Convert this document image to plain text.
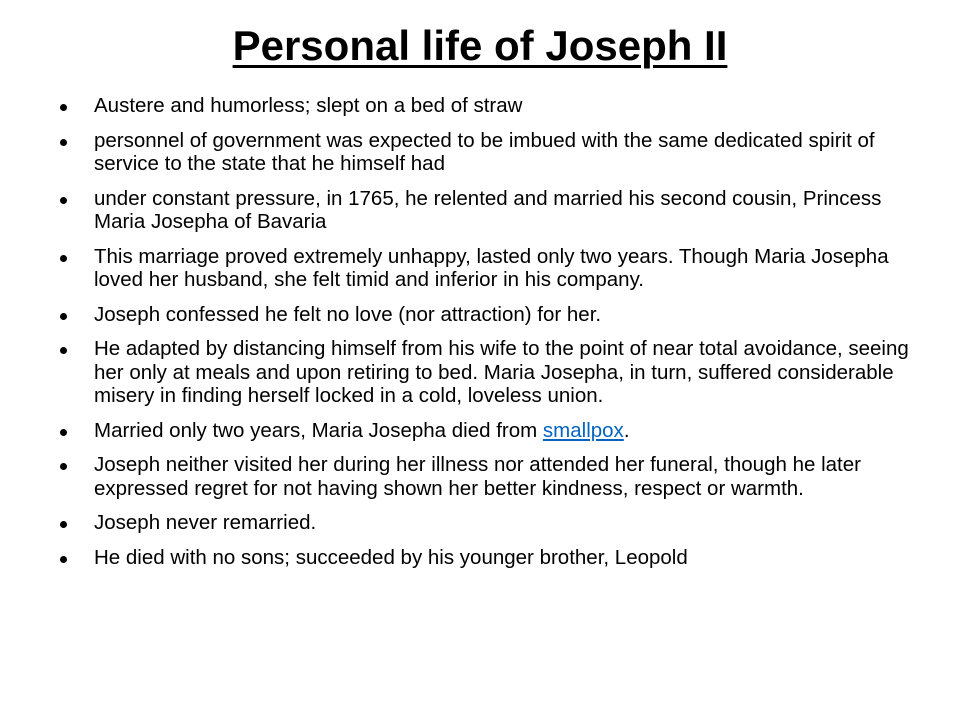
Personal life of Joseph II
Austere and humorless; slept on a bed of straw
personnel of government was expected to be imbued with the same dedicated spirit of service to the state that he himself had
under constant pressure, in 1765, he relented and married his second cousin, Princess Maria Josepha of Bavaria
This marriage proved extremely unhappy, lasted only two years. Though Maria Josepha loved her husband, she felt timid and inferior in his company.
Joseph confessed he felt no love (nor attraction) for her.
He adapted by distancing himself from his wife to the point of near total avoidance, seeing her only at meals and upon retiring to bed. Maria Josepha, in turn, suffered considerable misery in finding herself locked in a cold, loveless union.
Married only two years, Maria Josepha died from smallpox.
Joseph neither visited her during her illness nor attended her funeral, though he later expressed regret for not having shown her better kindness, respect or warmth.
Joseph never remarried.
He died with no sons; succeeded by his younger brother, Leopold
